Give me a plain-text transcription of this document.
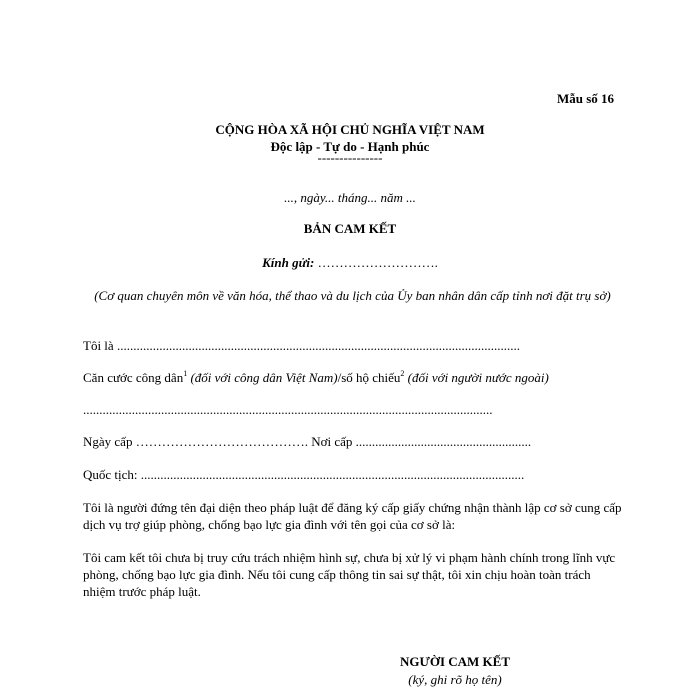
Mẫu số 16
CỘNG HÒA XÃ HỘI CHỦ NGHĨA VIỆT NAM
Độc lập - Tự do - Hạnh phúc
---------------
..., ngày... tháng... năm ...
BẢN CAM KẾT
Kính gửi: ……………………….
(Cơ quan chuyên môn về văn hóa, thể thao và du lịch của Ủy ban nhân dân cấp tỉnh nơi đặt trụ sở)
Tôi là ............................................................................................................................
Căn cước công dân$^1$ (đối với công dân Việt Nam)/số hộ chiếu$^2$ (đối với người nước ngoài)
..............................................................................................................................
Ngày cấp …………………………………. Nơi cấp ......................................................
Quốc tịch: ......................................................................................................................
Tôi là người đứng tên đại diện theo pháp luật để đăng ký cấp giấy chứng nhận thành lập cơ sở cung cấp dịch vụ trợ giúp phòng, chống bạo lực gia đình với tên gọi của cơ sở là:
Tôi cam kết tôi chưa bị truy cứu trách nhiệm hình sự, chưa bị xử lý vi phạm hành chính trong lĩnh vực phòng, chống bạo lực gia đình. Nếu tôi cung cấp thông tin sai sự thật, tôi xin chịu hoàn toàn trách nhiệm trước pháp luật.
NGƯỜI CAM KẾT
(ký, ghi rõ họ tên)
